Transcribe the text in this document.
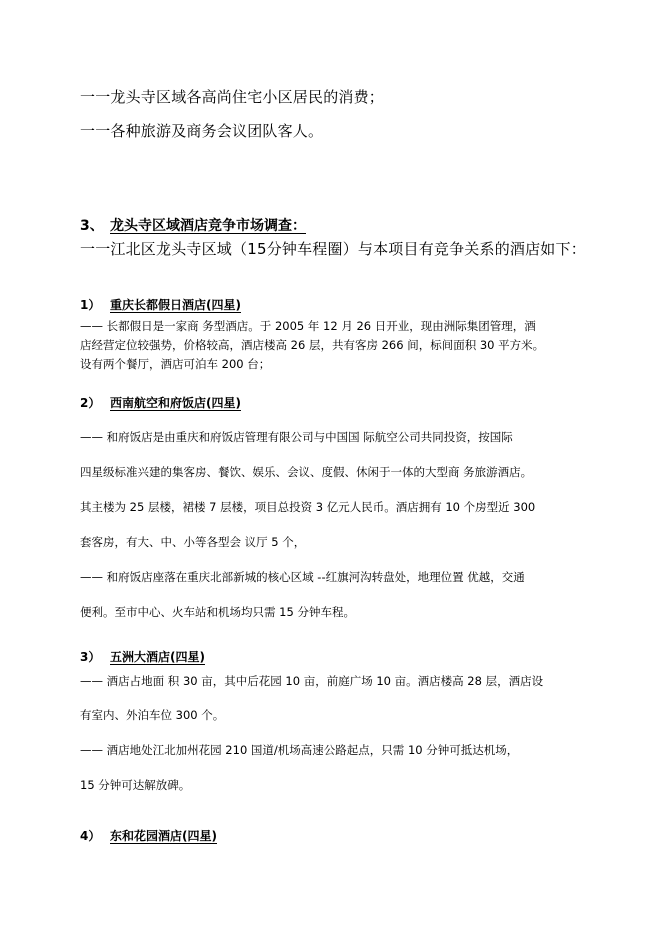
一一龙头寺区域各高尚住宅小区居民的消费；
一一各种旅游及商务会议团队客人。
3、 龙头寺区域酒店竞争市场调查：
一一江北区龙头寺区域（15分钟车程圈）与本项目有竞争关系的酒店如下：
1） 重庆长都假日酒店(四星)
—— 长都假日是一家商 务型酒店。于 2005 年 12 月 26 日开业，现由洲际集团管理，酒
店经营定位较强势，价格较高，酒店楼高 26 层，共有客房 266 间，标间面积 30 平方米。
设有两个餐厅，酒店可泊车 200 台；
2） 西南航空和府饭店(四星)
—— 和府饭店是由重庆和府饭店管理有限公司与中国国 际航空公司共同投资，按国际
四星级标准兴建的集客房、餐饮、娱乐、会议、度假、休闲于一体的大型商 务旅游酒店。
其主楼为 25 层楼，裙楼 7 层楼，项目总投资 3 亿元人民币。酒店拥有 10 个房型近 300
套客房，有大、中、小等各型会 议厅 5 个，
—— 和府饭店座落在重庆北部新城的核心区域 --红旗河沟转盘处，地理位置 优越，交通
便利。至市中心、火车站和机场均只需 15 分钟车程。
3） 五洲大酒店(四星)
—— 酒店占地面 积 30 亩，其中后花园 10 亩，前庭广场 10 亩。酒店楼高 28 层，酒店设
有室内、外泊车位 300 个。
—— 酒店地处江北加州花园 210 国道/机场高速公路起点，只需 10 分钟可抵达机场，
15 分钟可达解放碑。
4） 东和花园酒店(四星)
